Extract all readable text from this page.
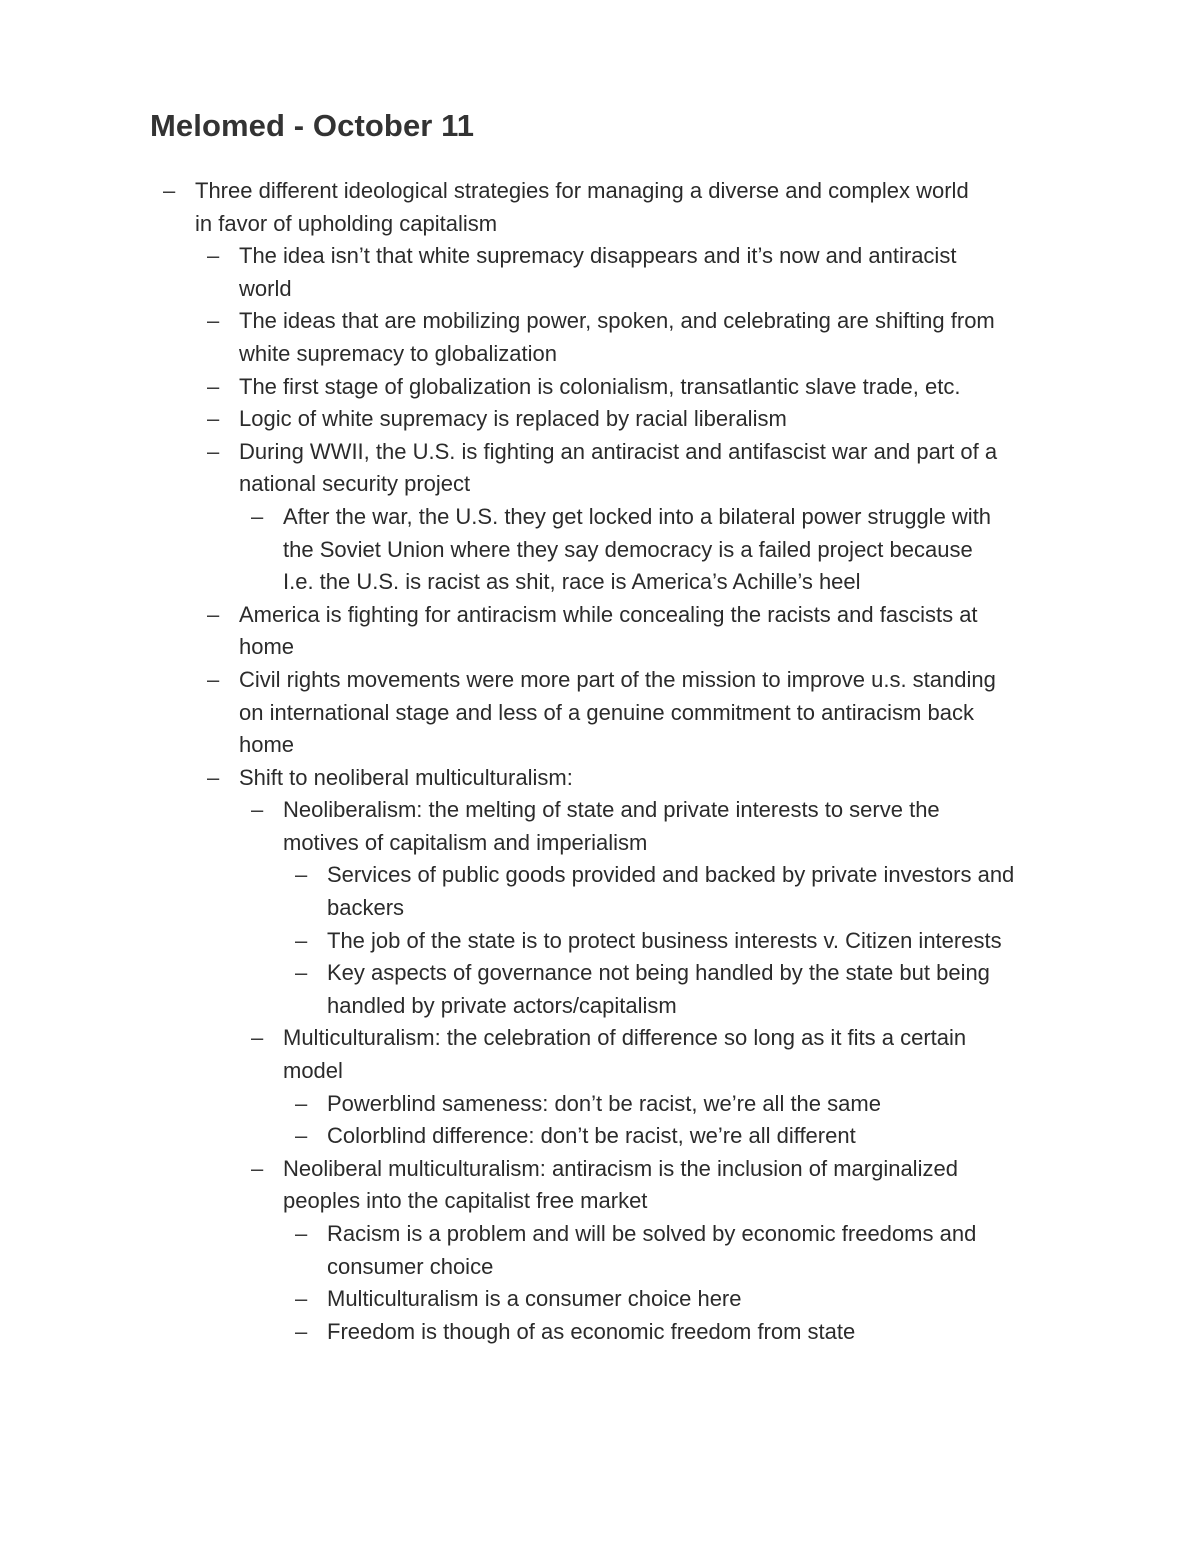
Melomed - October 11
– Three different ideological strategies for managing a diverse and complex world in favor of upholding capitalism
– The idea isn’t that white supremacy disappears and it’s now and antiracist world
– The ideas that are mobilizing power, spoken, and celebrating are shifting from white supremacy to globalization
– The first stage of globalization is colonialism, transatlantic slave trade, etc.
– Logic of white supremacy is replaced by racial liberalism
– During WWII, the U.S. is fighting an antiracist and antifascist war and part of a national security project
– After the war, the U.S. they get locked into a bilateral power struggle with the Soviet Union where they say democracy is a failed project because I.e. the U.S. is racist as shit, race is America’s Achille’s heel
– America is fighting for antiracism while concealing the racists and fascists at home
– Civil rights movements were more part of the mission to improve u.s. standing on international stage and less of a genuine commitment to antiracism back home
– Shift to neoliberal multiculturalism:
– Neoliberalism: the melting of state and private interests to serve the motives of capitalism and imperialism
– Services of public goods provided and backed by private investors and backers
– The job of the state is to protect business interests v. Citizen interests
– Key aspects of governance not being handled by the state but being handled by private actors/capitalism
– Multiculturalism: the celebration of difference so long as it fits a certain model
– Powerblind sameness: don’t be racist, we’re all the same
– Colorblind difference: don’t be racist, we’re all different
– Neoliberal multiculturalism: antiracism is the inclusion of marginalized peoples into the capitalist free market
– Racism is a problem and will be solved by economic freedoms and consumer choice
– Multiculturalism is a consumer choice here
– Freedom is though of as economic freedom from state
